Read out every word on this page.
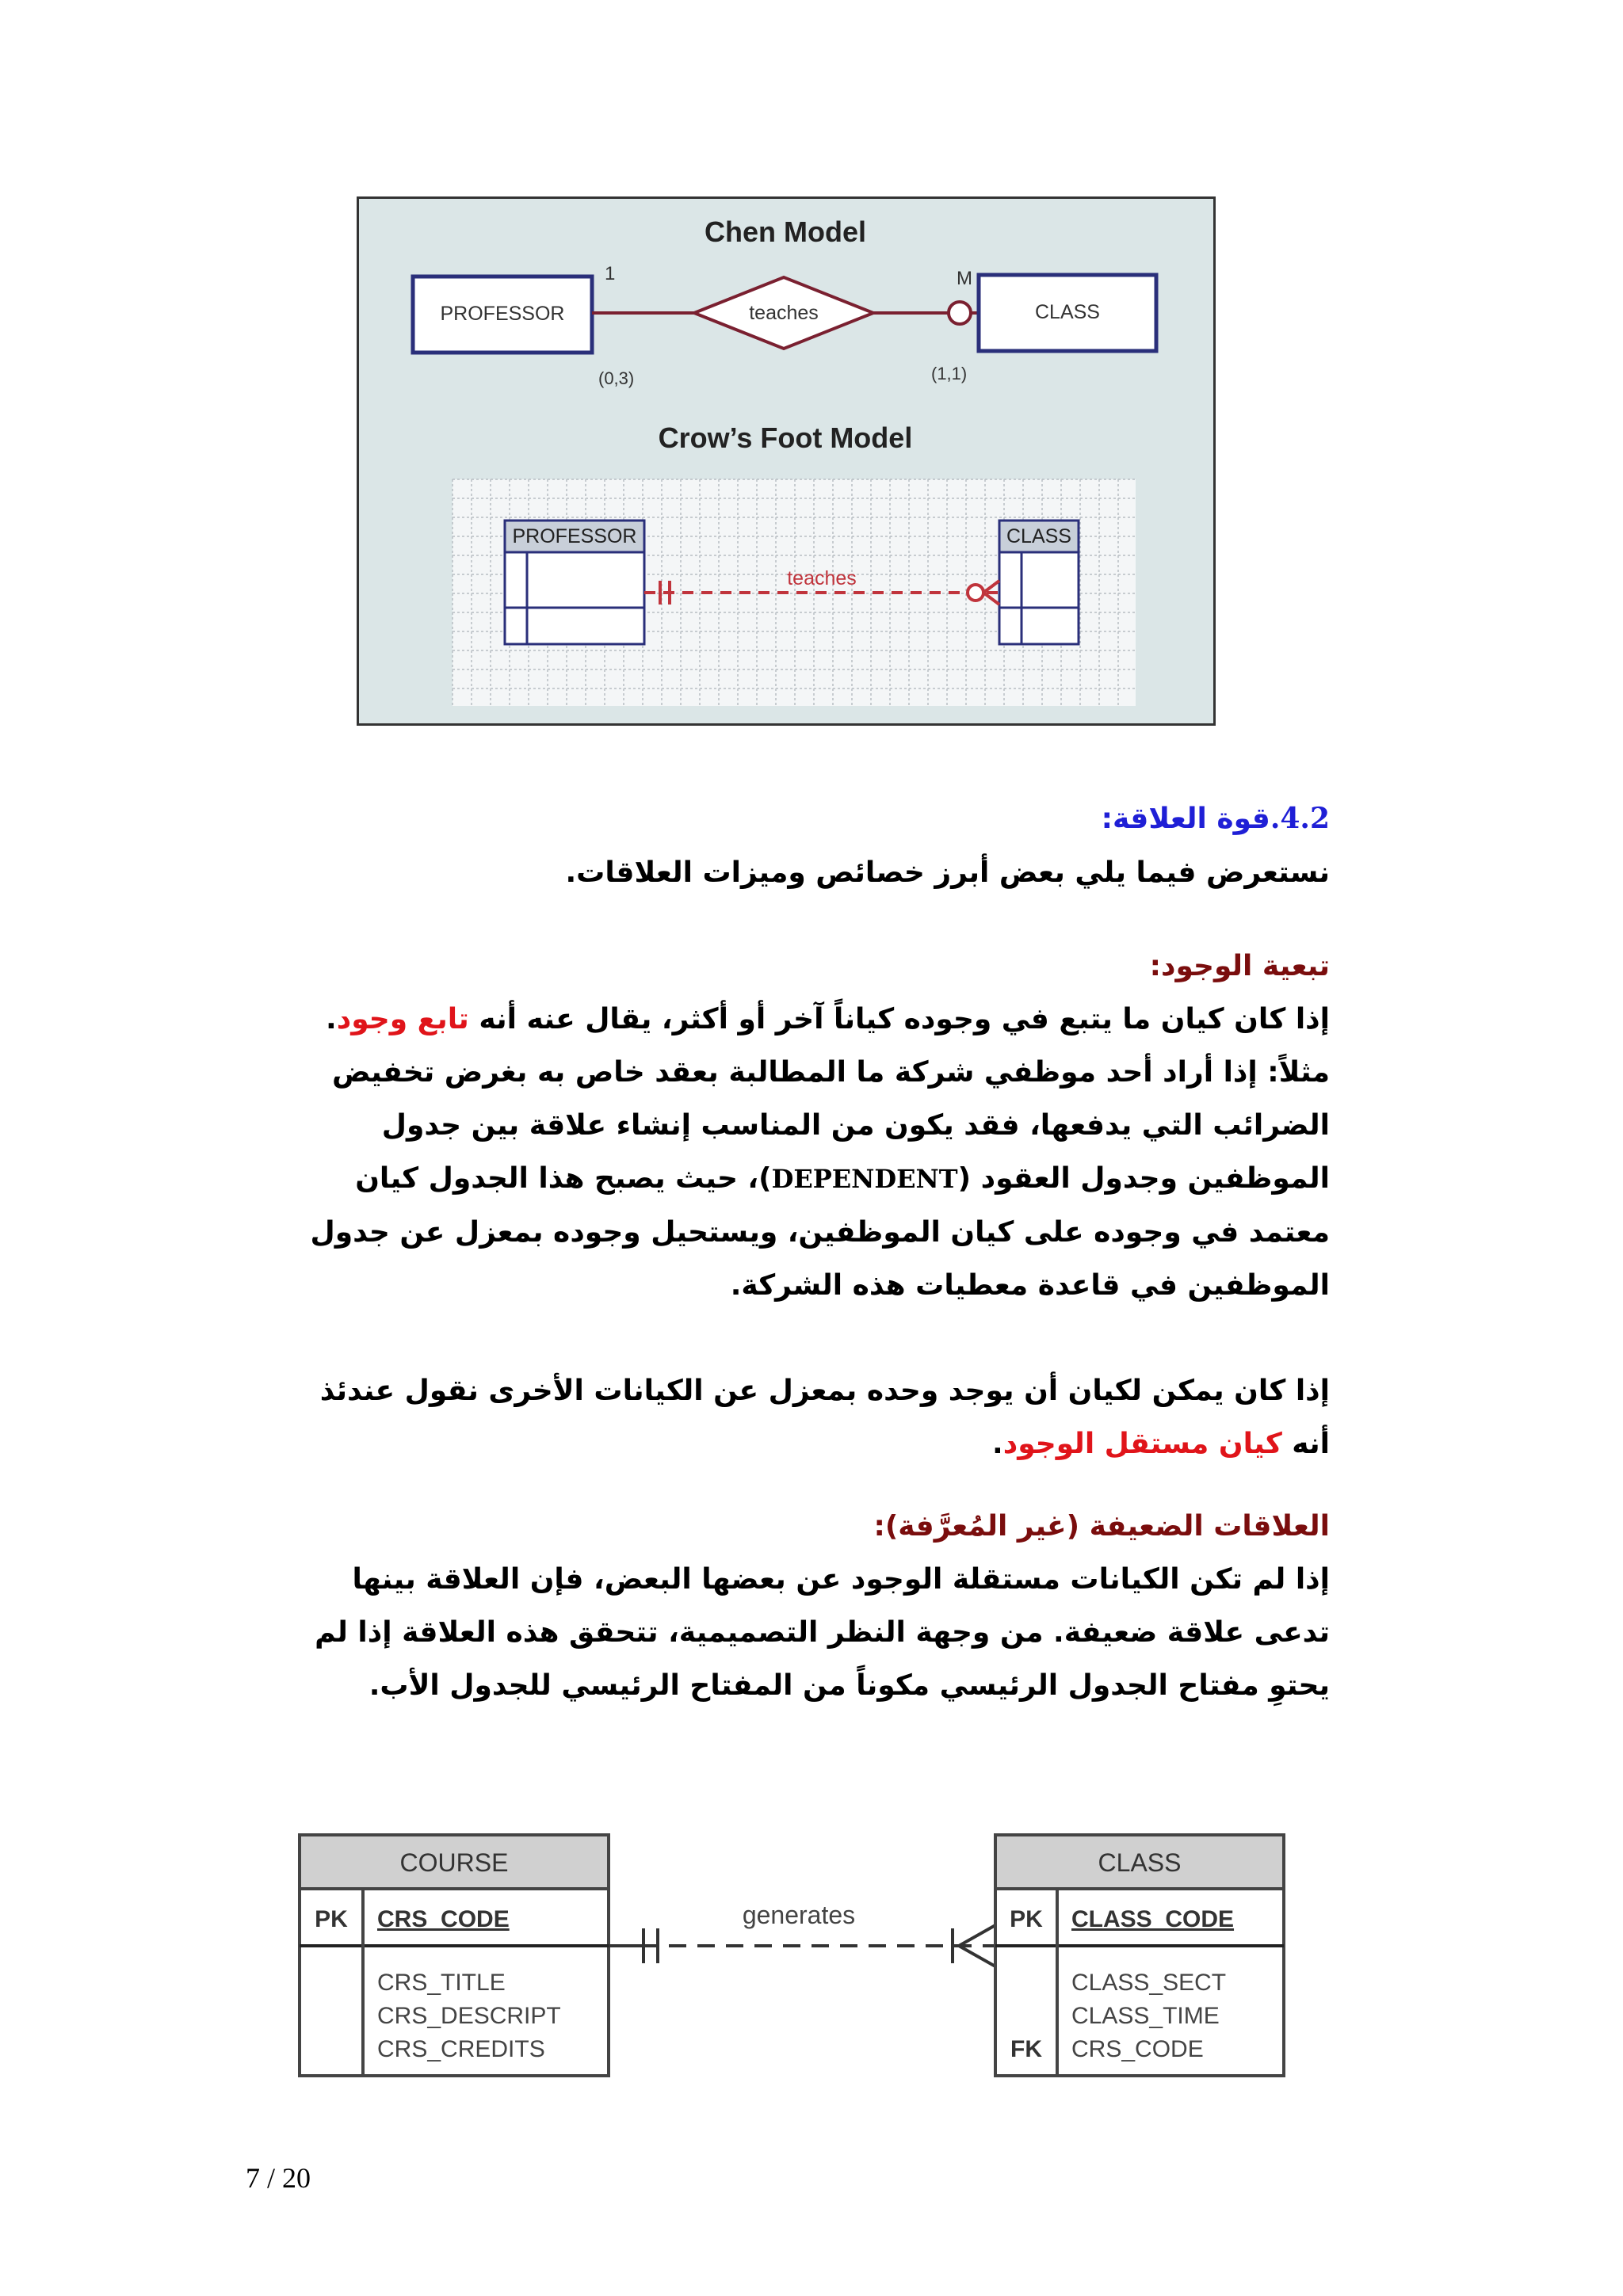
Chen Model
PROFESSOR	teaches	CLASS
1	M
(0,3)	(1,1)
Crow’s Foot Model
PROFESSOR	CLASS
teaches
4.2.قوة العلاقة:
نستعرض فيما يلي بعض أبرز خصائص وميزات العلاقات.
تبعية الوجود:
إذا كان كيان ما يتبع في وجوده كياناً آخر أو أكثر، يقال عنه أنه تابع وجود. مثلاً: إذا أراد أحد موظفي شركة ما المطالبة بعقد خاص به بغرض تخفيض الضرائب التي يدفعها، فقد يكون من المناسب إنشاء علاقة بين جدول الموظفين وجدول العقود (DEPENDENT)، حيث يصبح هذا الجدول كيان معتمد في وجوده على كيان الموظفين، ويستحيل وجوده بمعزل عن جدول الموظفين في قاعدة معطيات هذه الشركة.
إذا كان يمكن لكيان أن يوجد وحده بمعزل عن الكيانات الأخرى نقول عندئذ أنه كيان مستقل الوجود.
العلاقات الضعيفة (غير المُعرَّفة):
إذا لم تكن الكيانات مستقلة الوجود عن بعضها البعض، فإن العلاقة بينها تدعى علاقة ضعيفة. من وجهة النظر التصميمية، تتحقق هذه العلاقة إذا لم يحتوِ مفتاح الجدول الرئيسي مكوناً من المفتاح الرئيسي للجدول الأب.
COURSE
PK CRS_CODE
CRS_TITLE
CRS_DESCRIPT
CRS_CREDITS
generates
CLASS
PK CLASS_CODE
CLASS_SECT
CLASS_TIME
FK CRS_CODE
7 / 20
